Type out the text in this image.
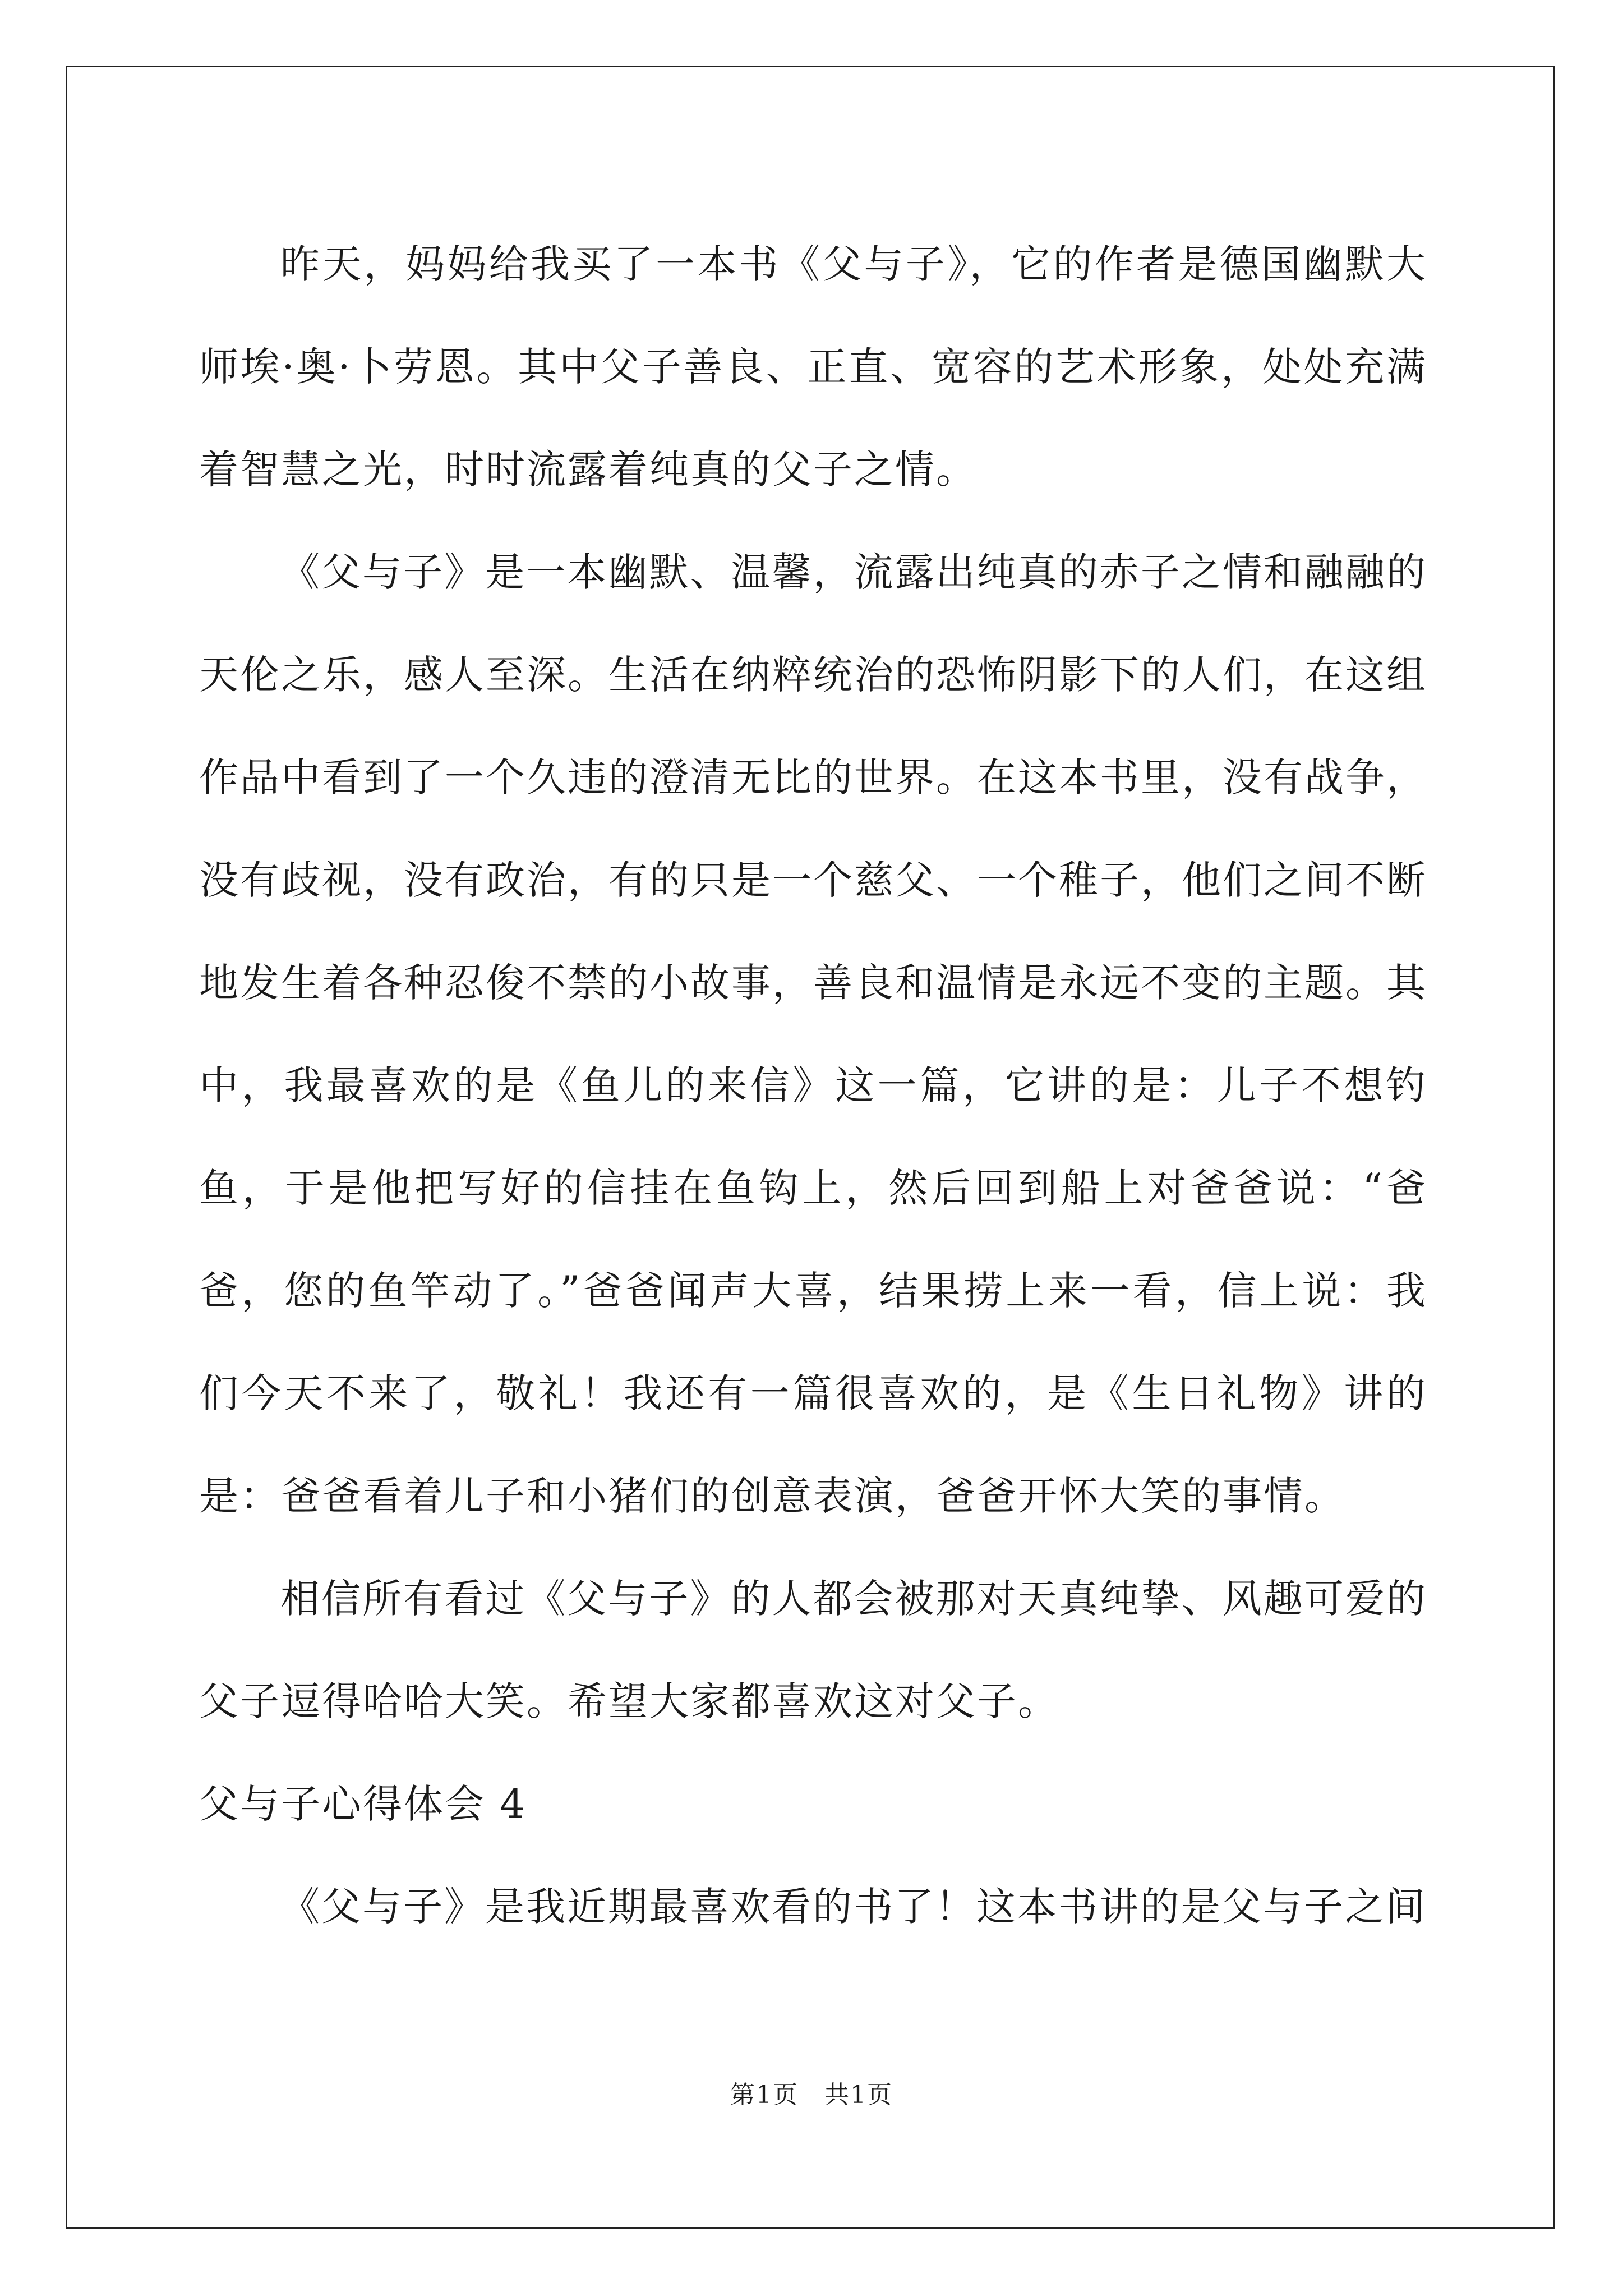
昨天，妈妈给我买了一本书《父与子》，它的作者是德国幽默大师埃·奥·卜劳恩。其中父子善良、正直、宽容的艺术形象，处处充满着智慧之光，时时流露着纯真的父子之情。

《父与子》是一本幽默、温馨，流露出纯真的赤子之情和融融的天伦之乐，感人至深。生活在纳粹统治的恐怖阴影下的人们，在这组作品中看到了一个久违的澄清无比的世界。在这本书里，没有战争，没有歧视，没有政治，有的只是一个慈父、一个稚子，他们之间不断地发生着各种忍俊不禁的小故事，善良和温情是永远不变的主题。其中，我最喜欢的是《鱼儿的来信》这一篇，它讲的是：儿子不想钓鱼，于是他把写好的信挂在鱼钩上，然后回到船上对爸爸说：“爸爸，您的鱼竿动了。”爸爸闻声大喜，结果捞上来一看，信上说：我们今天不来了，敬礼！我还有一篇很喜欢的，是《生日礼物》讲的是：爸爸看着儿子和小猪们的创意表演，爸爸开怀大笑的事情。

相信所有看过《父与子》的人都会被那对天真纯挚、风趣可爱的父子逗得哈哈大笑。希望大家都喜欢这对父子。

父与子心得体会 4

《父与子》是我近期最喜欢看的书了！这本书讲的是父与子之间

第1页　共1页
